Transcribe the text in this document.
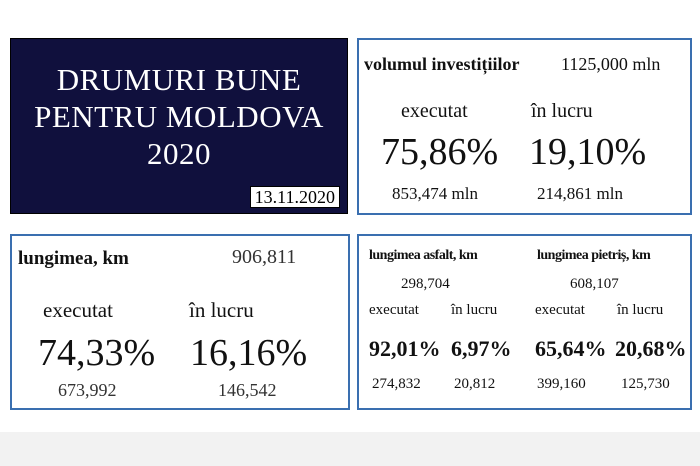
DRUMURI BUNE
PENTRU MOLDOVA
2020
13.11.2020
volumul investițiilor 1125,000 mln
executat	în lucru
75,86% 19,10%
853,474 mln	214,861 mln
lungimea, km	906,811
executat	în lucru
74,33% 16,16%
673,992	146,542
lungimea asfalt, km
298,704
executat în lucru
92,01% 6,97%
274,832 20,812
lungimea pietriș, km
608,107
executat în lucru
65,64% 20,68%
399,160 125,730
